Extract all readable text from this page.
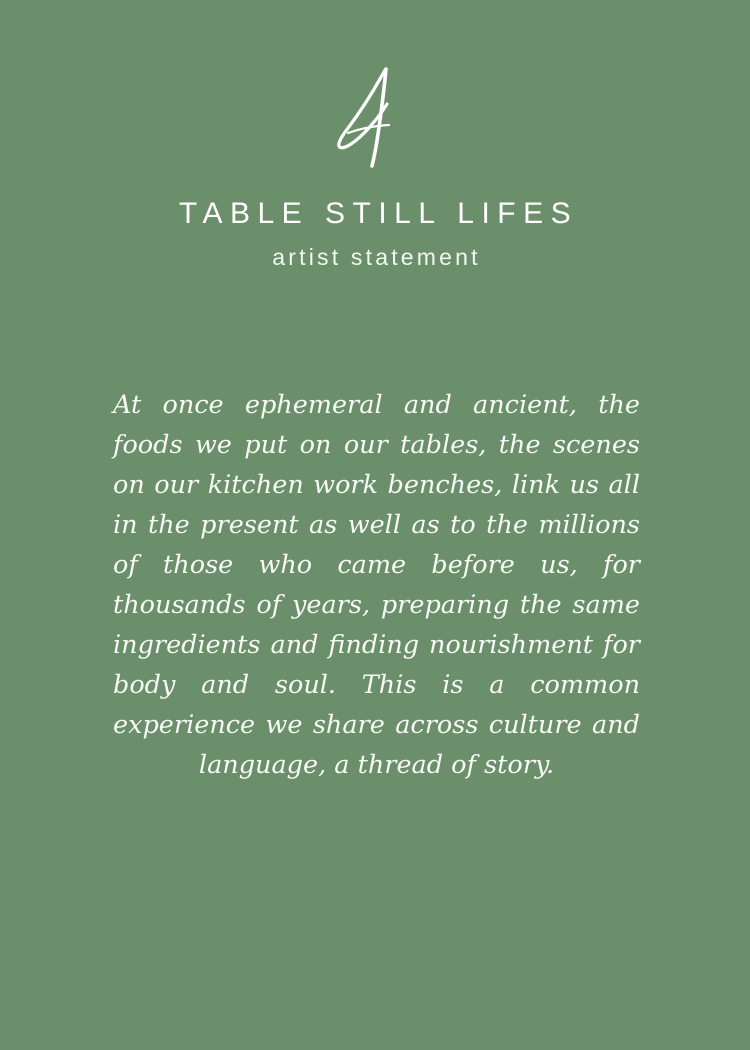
TABLE STILL LIFES
artist statement
At once ephemeral and ancient, the foods we put on our tables, the scenes on our kitchen work benches, link us all in the present as well as to the millions of those who came before us, for thousands of years, preparing the same ingredients and finding nourishment for body and soul. This is a common experience we share across culture and language, a thread of story.
